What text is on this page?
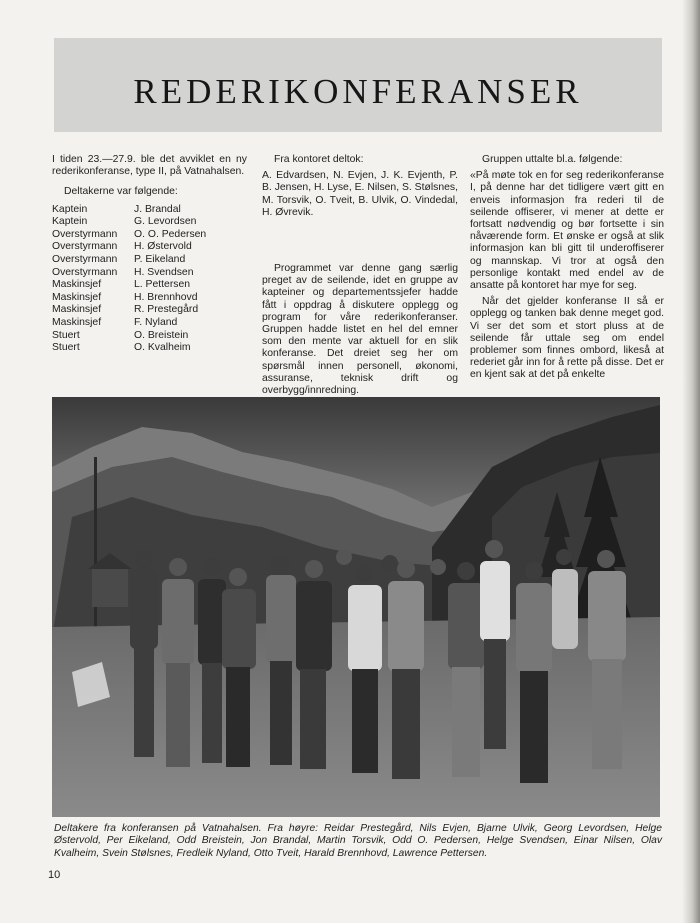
REDERIKONFERANSER

I tiden 23.—27.9. ble det avviklet en ny rederikonferanse, type II, på Vatnahalsen.

Deltakerne var følgende:

Kaptein	J. Brandal
Kaptein	G. Levordsen
Overstyrmann	O. O. Pedersen
Overstyrmann	H. Østervold
Overstyrmann	P. Eikeland
Overstyrmann	H. Svendsen
Maskinsjef	L. Pettersen
Maskinsjef	H. Brennhovd
Maskinsjef	R. Prestegård
Maskinsjef	F. Nyland
Stuert	O. Breistein
Stuert	O. Kvalheim

Fra kontoret deltok:

A. Edvardsen, N. Evjen, J. K. Evjenth, P. B. Jensen, H. Lyse, E. Nilsen, S. Stølsnes, M. Torsvik, O. Tveit, B. Ulvik, O. Vindedal, H. Øvrevik.

Programmet var denne gang særlig preget av de seilende, idet en gruppe av kapteiner og departementssjefer hadde fått i oppdrag å diskutere opplegg og program for våre rederikonferanser. Gruppen hadde listet en hel del emner som den mente var aktuell for en slik konferanse. Det dreiet seg her om spørsmål innen personell, økonomi, assuranse, teknisk drift og overbygg/innredning.

Gruppen uttalte bl.a. følgende:

«På møte tok en for seg rederikonferanse I, på denne har det tidligere vært gitt en enveis informasjon fra rederi til de seilende offiserer, vi mener at dette er fortsatt nødvendig og bør fortsette i sin nåværende form. Et ønske er også at slik informasjon kan bli gitt til underoffiserer og mannskap. Vi tror at også den personlige kontakt med endel av de ansatte på kontoret har mye for seg.

Når det gjelder konferanse II så er opplegg og tanken bak denne meget god. Vi ser det som et stort pluss at de seilende får uttale seg om endel problemer som finnes ombord, likeså at rederiet går inn for å rette på disse. Det er en kjent sak at det på enkelte

Deltakere fra konferansen på Vatnahalsen. Fra høyre: Reidar Prestegård, Nils Evjen, Bjarne Ulvik, Georg Levordsen, Helge Østervold, Per Eikeland, Odd Breistein, Jon Brandal, Martin Torsvik, Odd O. Pedersen, Helge Svendsen, Einar Nilsen, Olav Kvalheim, Svein Stølsnes, Fredleik Nyland, Otto Tveit, Harald Brennhovd, Lawrence Pettersen.
10
